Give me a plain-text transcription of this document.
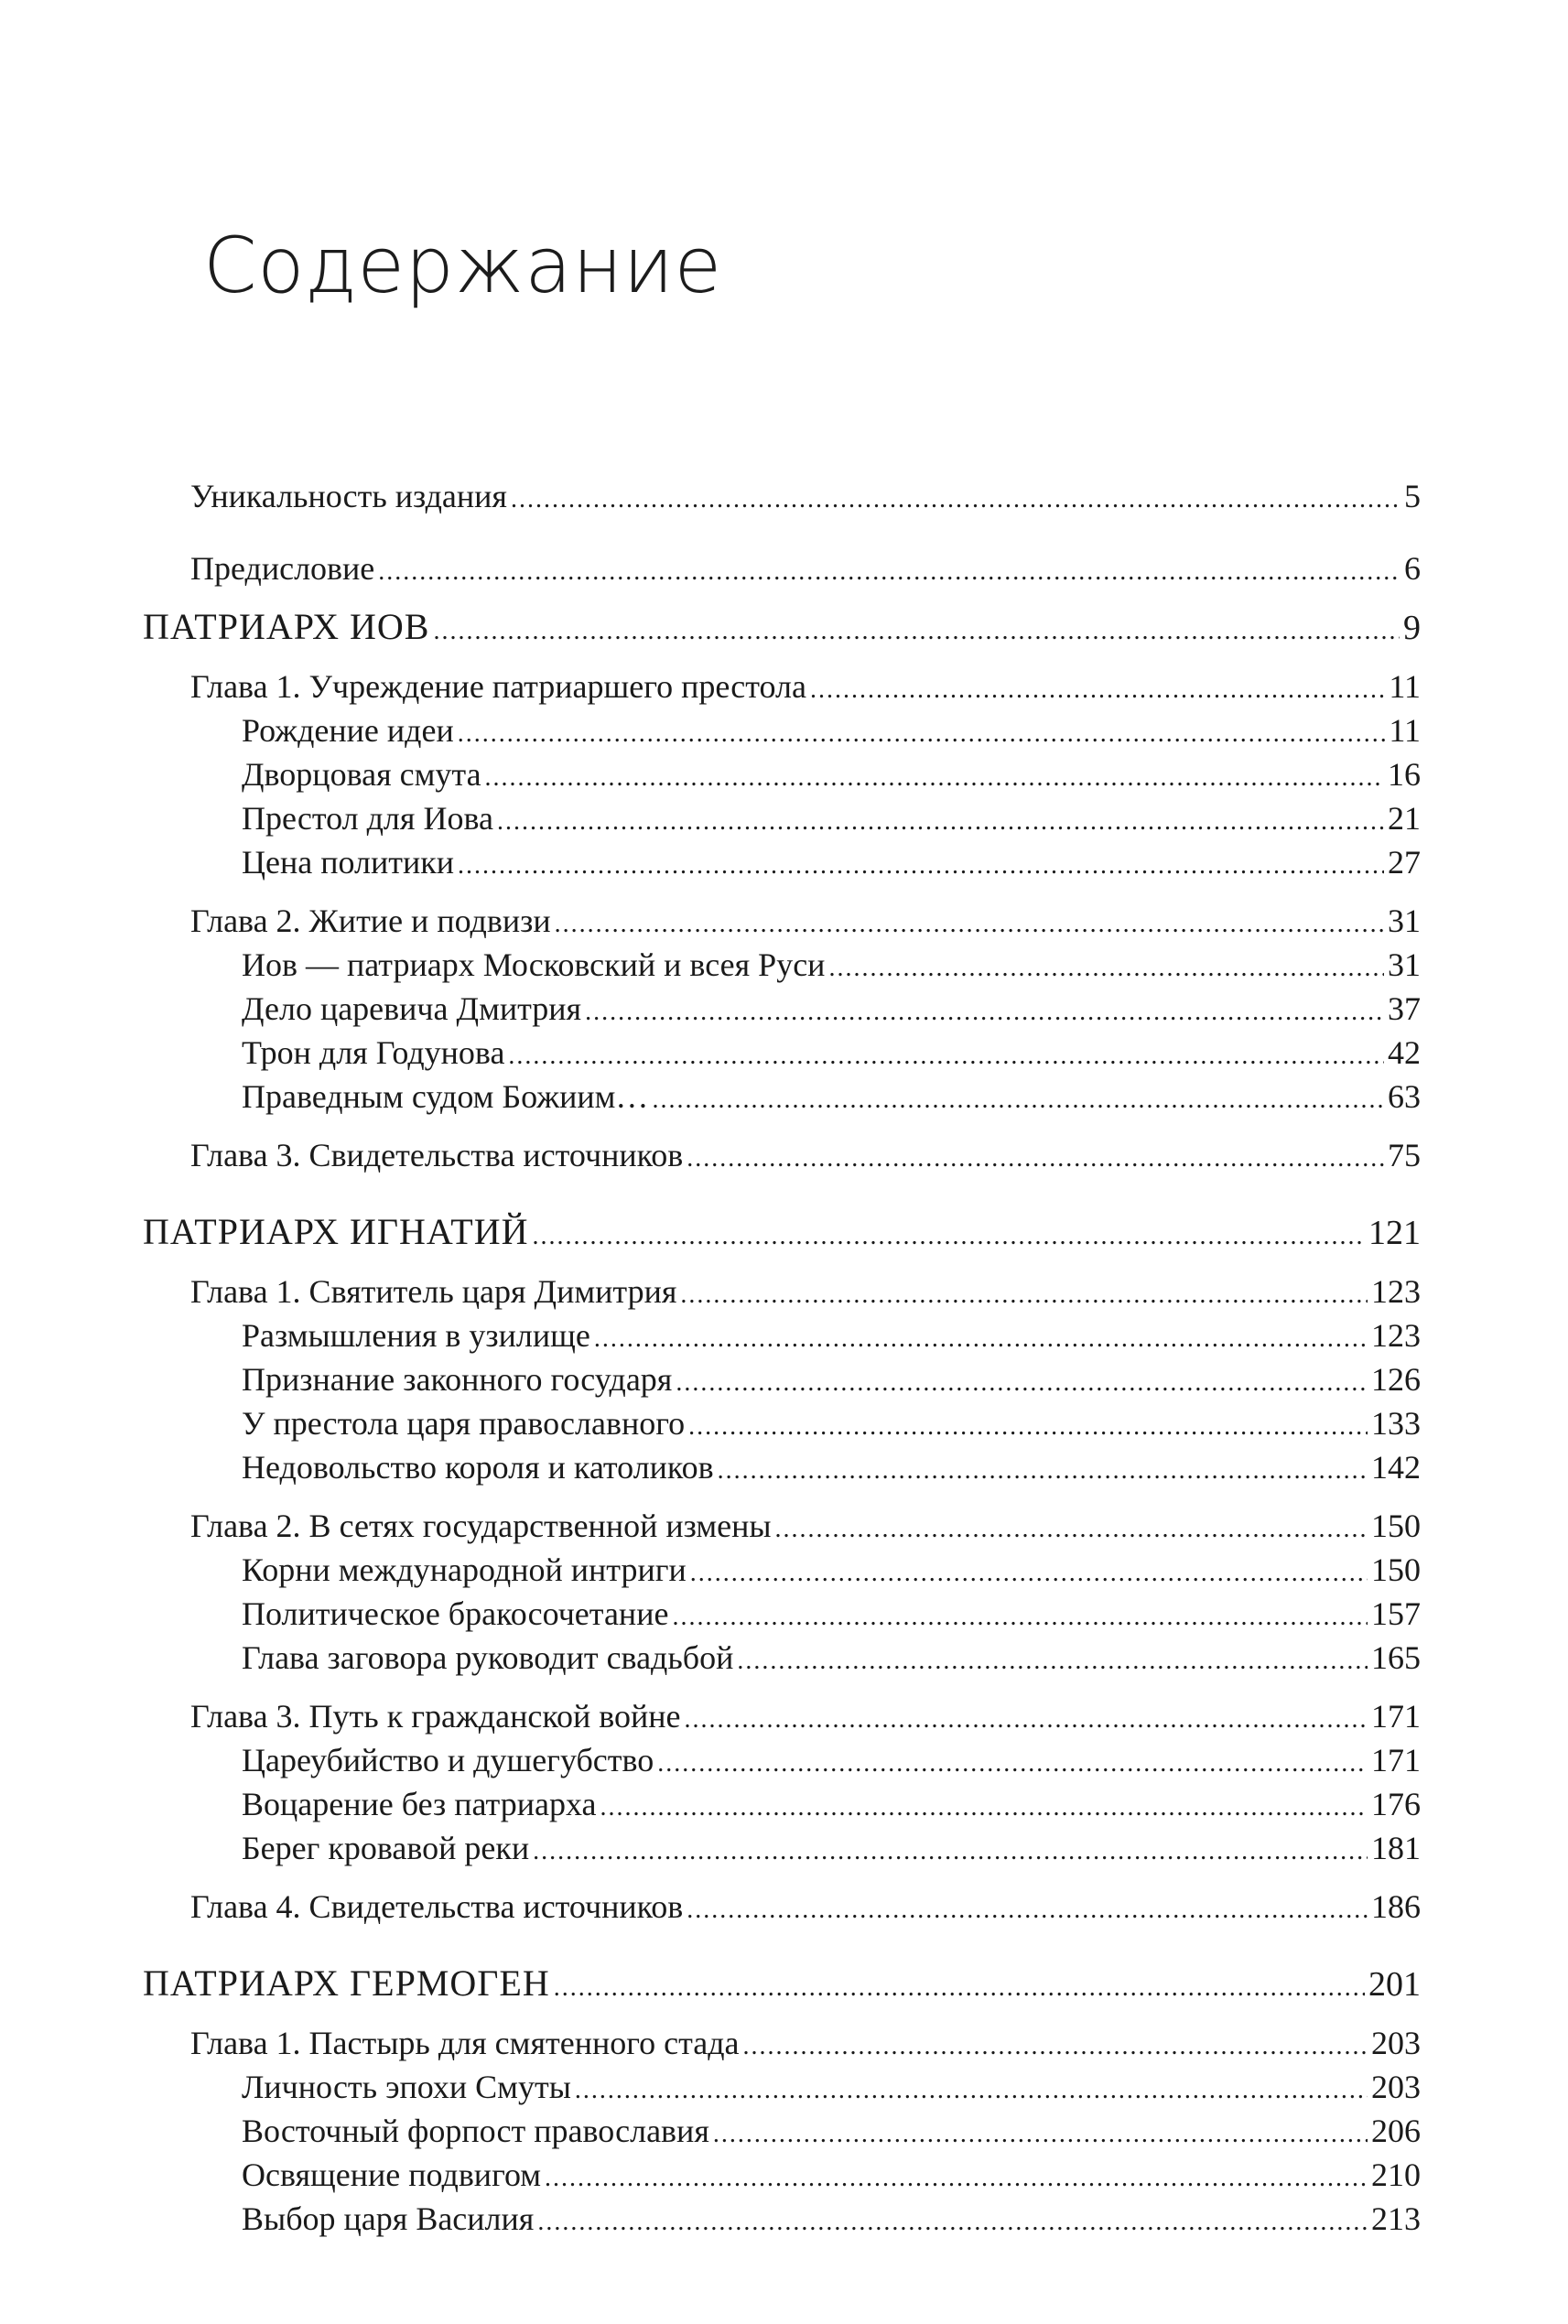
Содержание
Уникальность издания .....	5
Предисловие .....	6
ПАТРИАРХ ИОВ .....	9
Глава 1. Учреждение патриаршего престола .....	11
Рождение идеи .....	11
Дворцовая смута .....	16
Престол для Иова .....	21
Цена политики .....	27
Глава 2. Житие и подвизи .....	31
Иов — патриарх Московский и всея Руси .....	31
Дело царевича Дмитрия .....	37
Трон для Годунова .....	42
Праведным судом Божиим… .....	63
Глава 3. Свидетельства источников .....	75
ПАТРИАРХ ИГНАТИЙ .....	121
Глава 1. Святитель царя Димитрия .....	123
Размышления в узилище .....	123
Признание законного государя .....	126
У престола царя православного .....	133
Недовольство короля и католиков .....	142
Глава 2. В сетях государственной измены .....	150
Корни международной интриги .....	150
Политическое бракосочетание .....	157
Глава заговора руководит свадьбой .....	165
Глава 3. Путь к гражданской войне .....	171
Цареубийство и душегубство .....	171
Воцарение без патриарха .....	176
Берег кровавой реки .....	181
Глава 4. Свидетельства источников .....	186
ПАТРИАРХ ГЕРМОГЕН .....	201
Глава 1. Пастырь для смятенного стада .....	203
Личность эпохи Смуты .....	203
Восточный форпост православия .....	206
Освящение подвигом .....	210
Выбор царя Василия .....	213
